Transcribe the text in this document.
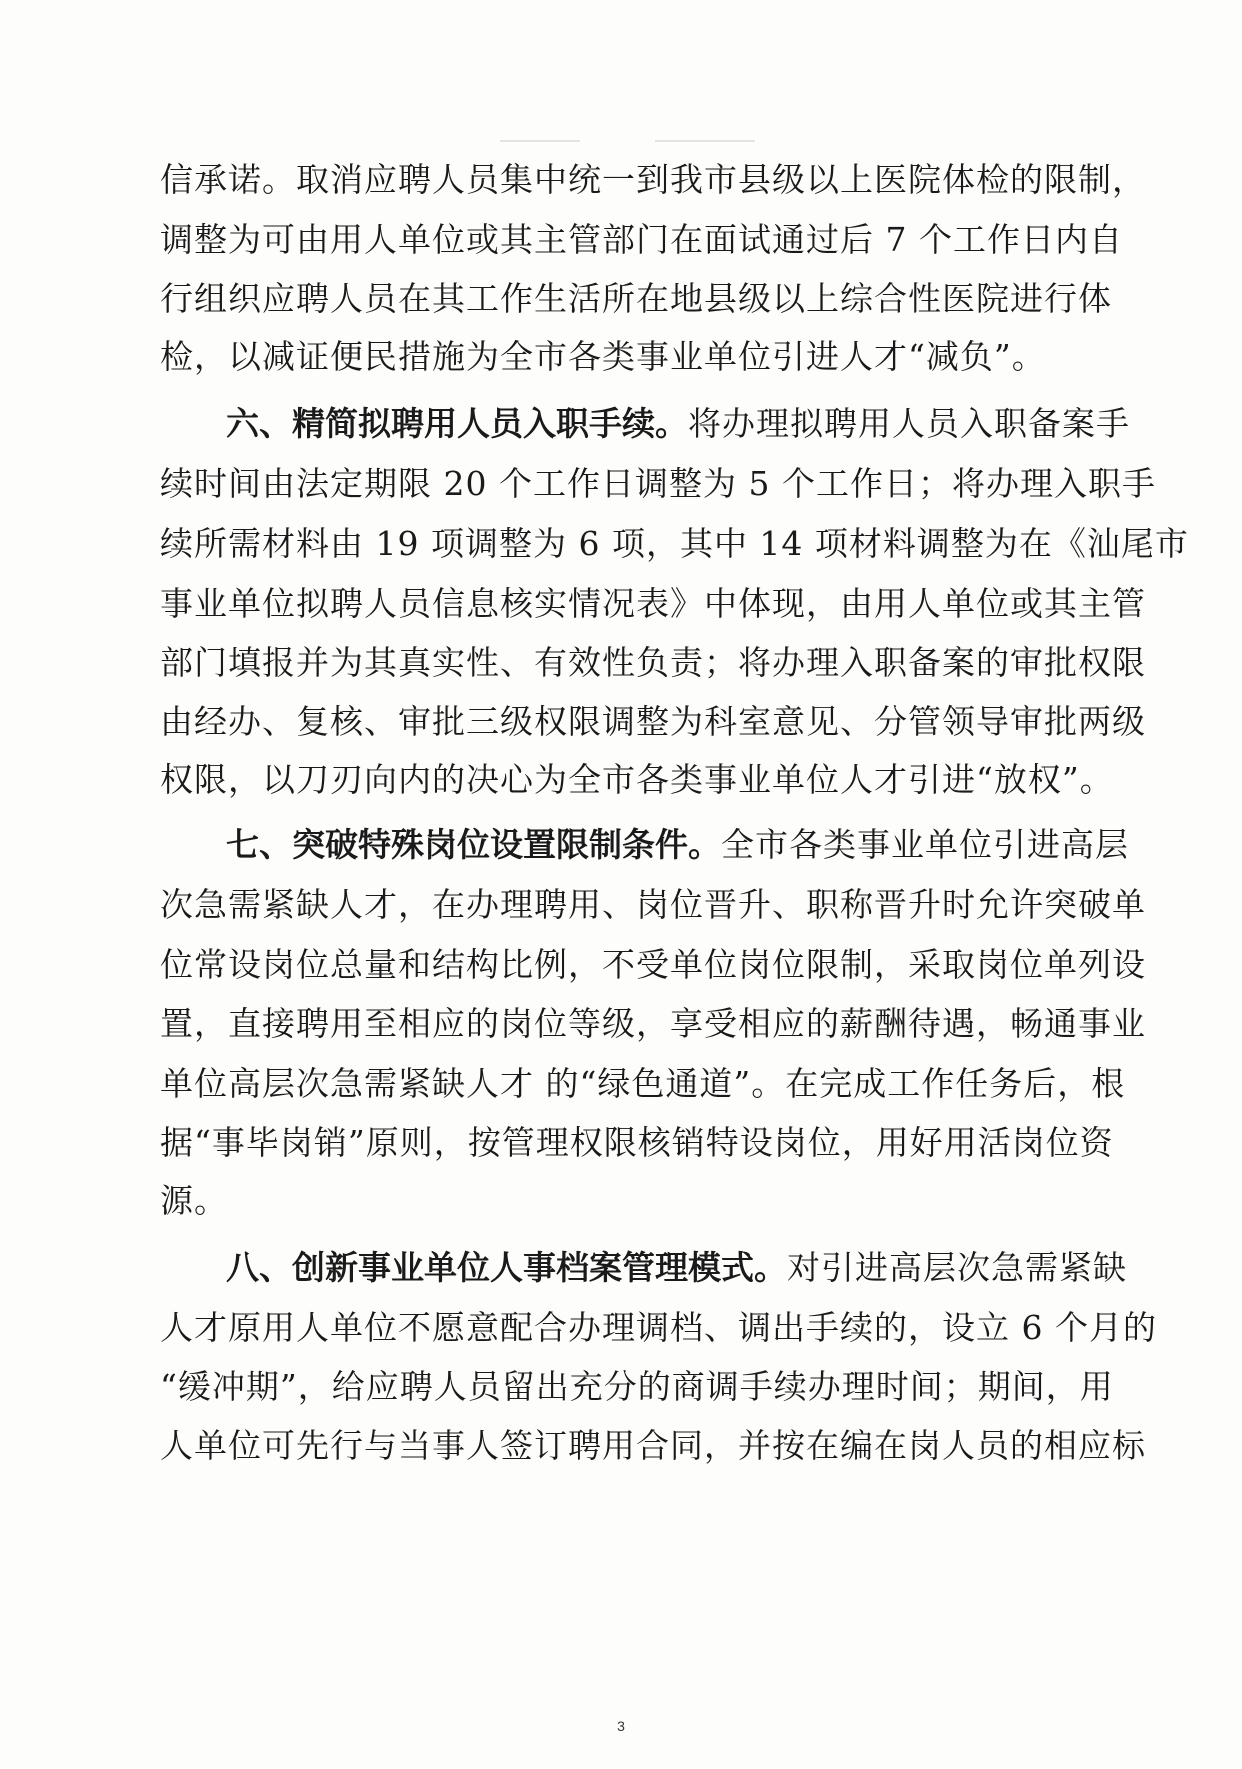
信承诺。取消应聘人员集中统一到我市县级以上医院体检的限制，
调整为可由用人单位或其主管部门在面试通过后 7 个工作日内自
行组织应聘人员在其工作生活所在地县级以上综合性医院进行体
检，以减证便民措施为全市各类事业单位引进人才“减负”。
六、精简拟聘用人员入职手续。将办理拟聘用人员入职备案手
续时间由法定期限 20 个工作日调整为 5 个工作日；将办理入职手
续所需材料由 19 项调整为 6 项，其中 14 项材料调整为在《汕尾市
事业单位拟聘人员信息核实情况表》中体现，由用人单位或其主管
部门填报并为其真实性、有效性负责；将办理入职备案的审批权限
由经办、复核、审批三级权限调整为科室意见、分管领导审批两级
权限，以刀刃向内的决心为全市各类事业单位人才引进“放权”。
七、突破特殊岗位设置限制条件。全市各类事业单位引进高层
次急需紧缺人才，在办理聘用、岗位晋升、职称晋升时允许突破单
位常设岗位总量和结构比例，不受单位岗位限制，采取岗位单列设
置，直接聘用至相应的岗位等级，享受相应的薪酬待遇，畅通事业
单位高层次急需紧缺人才 的“绿色通道”。在完成工作任务后，根
据“事毕岗销”原则，按管理权限核销特设岗位，用好用活岗位资
源。
八、创新事业单位人事档案管理模式。对引进高层次急需紧缺
人才原用人单位不愿意配合办理调档、调出手续的，设立 6 个月的
“缓冲期”，给应聘人员留出充分的商调手续办理时间；期间，用
人单位可先行与当事人签订聘用合同，并按在编在岗人员的相应标
3
